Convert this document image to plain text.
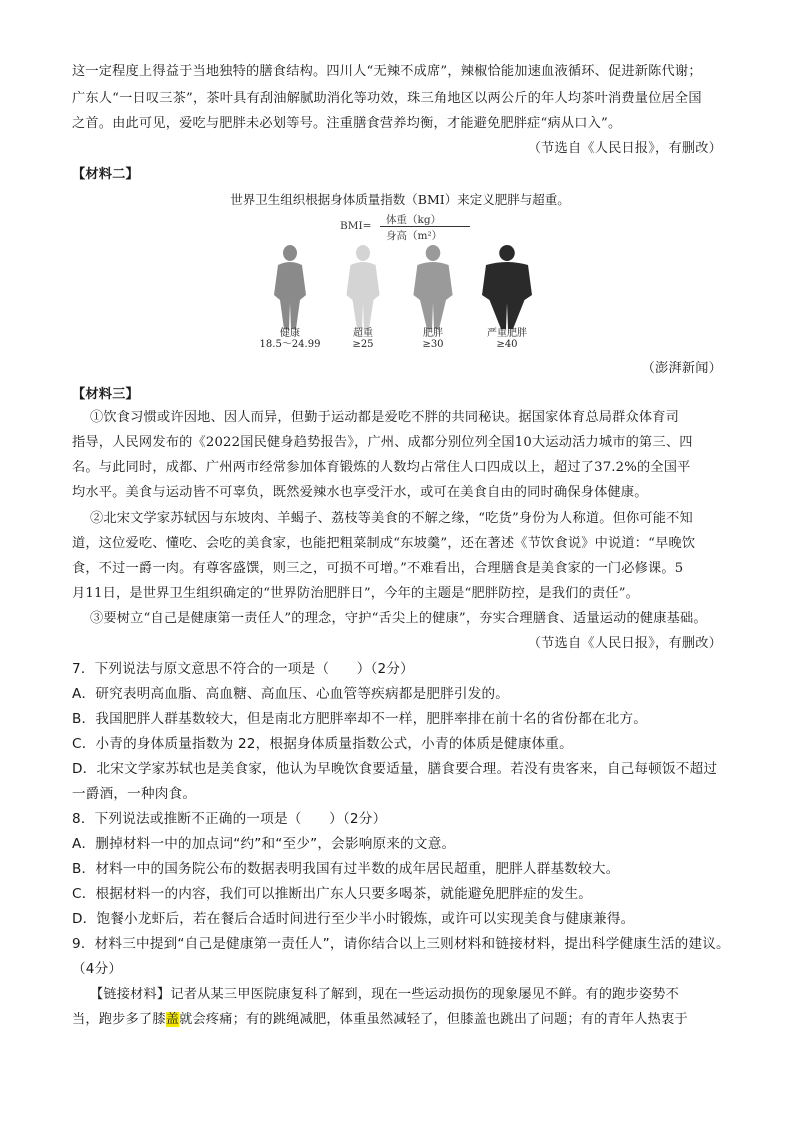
这一定程度上得益于当地独特的膳食结构。四川人“无辣不成席”，辣椒恰能加速血液循环、促进新陈代谢；
广东人“一日叹三茶”，茶叶具有刮油解腻助消化等功效，珠三角地区以两公斤的年人均茶叶消费量位居全国
之首。由此可见，爱吃与肥胖未必划等号。注重膳食营养均衡，才能避免肥胖症“病从口入”。
（节选自《人民日报》，有删改）
【材料二】
世界卫生组织根据身体质量指数（BMI）来定义肥胖与超重。
BMI= 体重（kg）
身高（m²）
健康
18.5～24.99
超重
≥25
肥胖
≥30
严重肥胖
≥40
（澎湃新闻）
【材料三】
①饮食习惯或许因地、因人而异，但勤于运动都是爱吃不胖的共同秘诀。据国家体育总局群众体育司
指导，人民网发布的《2022国民健身趋势报告》，广州、成都分别位列全国10大运动活力城市的第三、四
名。与此同时，成都、广州两市经常参加体育锻炼的人数均占常住人口四成以上，超过了37.2%的全国平
均水平。美食与运动皆不可辜负，既然爱辣水也享受汗水，或可在美食自由的同时确保身体健康。
②北宋文学家苏轼因与东坡肉、羊蝎子、荔枝等美食的不解之缘，“吃货”身份为人称道。但你可能不知
道，这位爱吃、懂吃、会吃的美食家，也能把粗菜制成“东坡羹”，还在著述《节饮食说》中说道：“早晚饮
食，不过一爵一肉。有尊客盛馔，则三之，可损不可增。”不难看出，合理膳食是美食家的一门必修课。5
月11日，是世界卫生组织确定的“世界防治肥胖日”，今年的主题是“肥胖防控，是我们的责任”。
③要树立“自己是健康第一责任人”的理念，守护“舌尖上的健康”，夯实合理膳食、适量运动的健康基础。
（节选自《人民日报》，有删改）
7．下列说法与原文意思不符合的一项是（　　）（2分）
A．研究表明高血脂、高血糖、高血压、心血管等疾病都是肥胖引发的。
B．我国肥胖人群基数较大，但是南北方肥胖率却不一样，肥胖率排在前十名的省份都在北方。
C．小青的身体质量指数为 22，根据身体质量指数公式，小青的体质是健康体重。
D．北宋文学家苏轼也是美食家，他认为早晚饮食要适量，膳食要合理。若没有贵客来，自己每顿饭不超过
一爵酒，一种肉食。
8．下列说法或推断不正确的一项是（　　）（2分）
A．删掉材料一中的加点词“约”和“至少”，会影响原来的文意。
B．材料一中的国务院公布的数据表明我国有过半数的成年居民超重，肥胖人群基数较大。
C．根据材料一的内容，我们可以推断出广东人只要多喝茶，就能避免肥胖症的发生。
D．饱餐小龙虾后，若在餐后合适时间进行至少半小时锻炼，或许可以实现美食与健康兼得。
9．材料三中提到“自己是健康第一责任人”，请你结合以上三则材料和链接材料，提出科学健康生活的建议。
（4分）
【链接材料】记者从某三甲医院康复科了解到，现在一些运动损伤的现象屡见不鲜。有的跑步姿势不
当，跑步多了膝盖就会疼痛；有的跳绳减肥，体重虽然减轻了，但膝盖也跳出了问题；有的青年人热衷于
